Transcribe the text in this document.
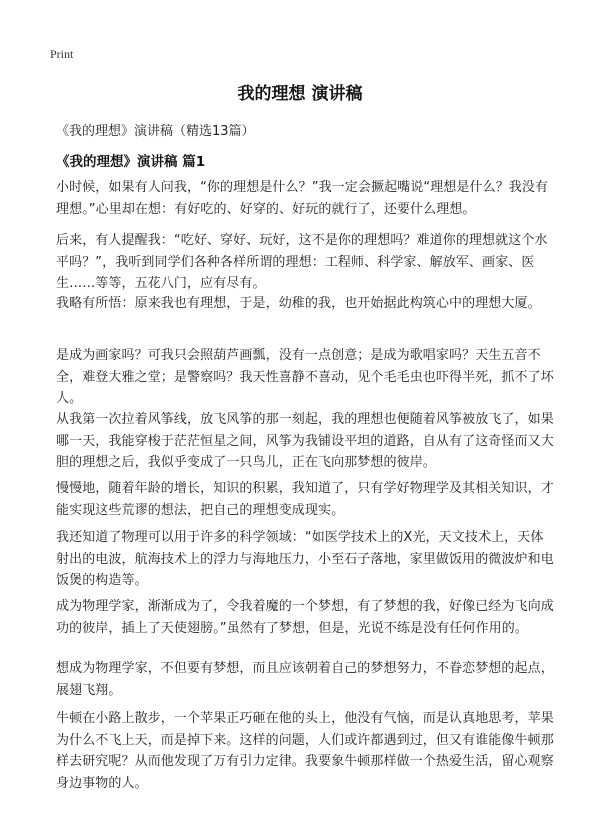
Print
我的理想 演讲稿
《我的理想》演讲稿（精选13篇）
《我的理想》演讲稿 篇1

小时候，如果有人问我，“你的理想是什么？”我一定会撅起嘴说“理想是什么？我没有理想。”心里却在想：有好吃的、好穿的、好玩的就行了，还要什么理想。

后来，有人提醒我：“吃好、穿好、玩好，这不是你的理想吗？难道你的理想就这个水平吗？”，我听到同学们各种各样所谓的理想：工程师、科学家、解放军、画家、医生……等等，五花八门，应有尽有。

我略有所悟：原来我也有理想，于是，幼稚的我，也开始据此构筑心中的理想大厦。

是成为画家吗？可我只会照葫芦画瓢，没有一点创意；是成为歌唱家吗？天生五音不全，难登大雅之堂；是警察吗？我天性喜静不喜动，见个毛毛虫也吓得半死，抓不了坏人。

从我第一次拉着风筝线，放飞风筝的那一刻起，我的理想也便随着风筝被放飞了，如果哪一天，我能穿梭于茫茫恒星之间，风筝为我铺设平坦的道路，自从有了这奇怪而又大胆的理想之后，我似乎变成了一只鸟儿，正在飞向那梦想的彼岸。

慢慢地，随着年龄的增长，知识的积累，我知道了，只有学好物理学及其相关知识，才能实现这些荒谬的想法，把自己的理想变成现实。

我还知道了物理可以用于许多的科学领域：“如医学技术上的X光，天文技术上，天体射出的电波，航海技术上的浮力与海地压力，小至石子落地，家里做饭用的微波炉和电饭煲的构造等。

成为物理学家，渐渐成为了，令我着魔的一个梦想，有了梦想的我，好像已经为飞向成功的彼岸，插上了天使翅膀。”虽然有了梦想，但是，光说不练是没有任何作用的。

想成为物理学家，不但要有梦想，而且应该朝着自己的梦想努力，不眷恋梦想的起点，展翅飞翔。

牛顿在小路上散步，一个苹果正巧砸在他的头上，他没有气恼，而是认真地思考，苹果为什么不飞上天，而是掉下来。这样的问题，人们或许都遇到过，但又有谁能像牛顿那样去研究呢？从而他发现了万有引力定律。我要象牛顿那样做一个热爱生活，留心观察身边事物的人。
